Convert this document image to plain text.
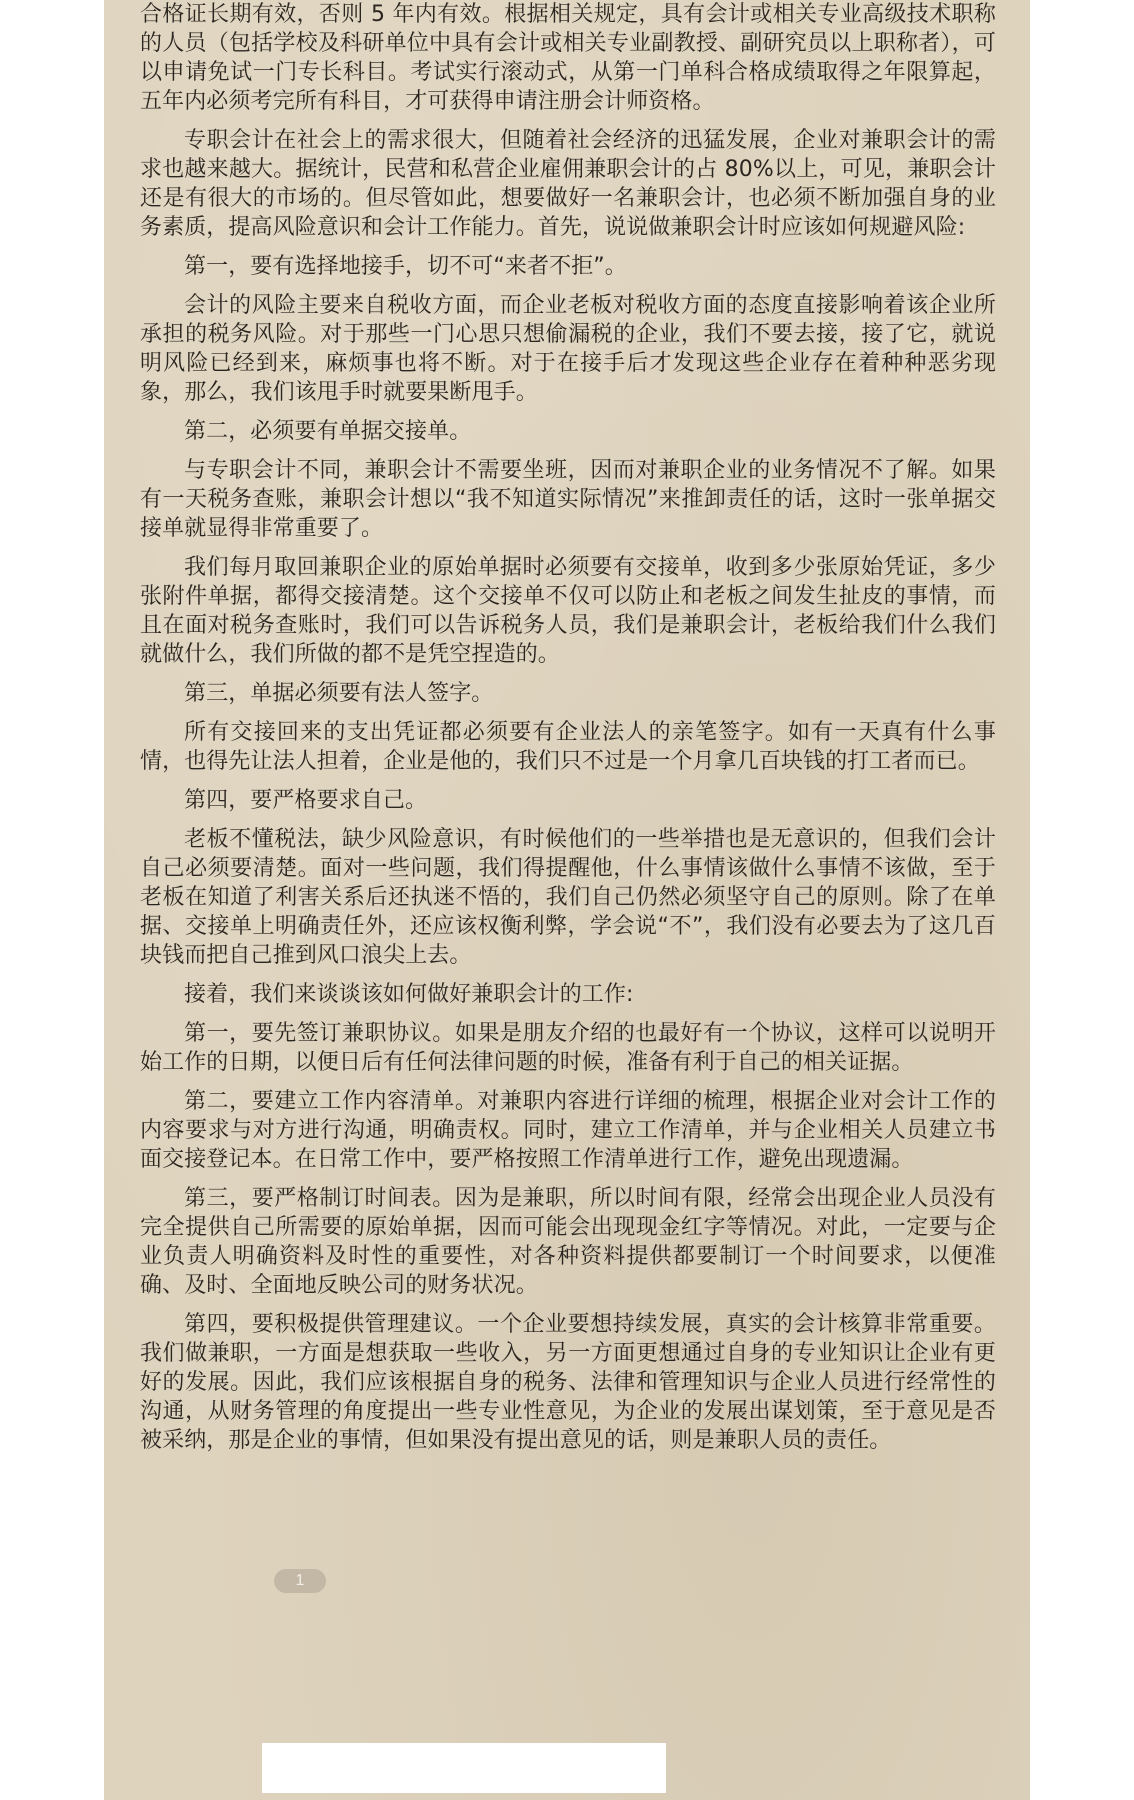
合格证长期有效，否则 5 年内有效。根据相关规定，具有会计或相关专业高级技术职称的人员（包括学校及科研单位中具有会计或相关专业副教授、副研究员以上职称者），可以申请免试一门专长科目。考试实行滚动式，从第一门单科合格成绩取得之年限算起，五年内必须考完所有科目，才可获得申请注册会计师资格。

专职会计在社会上的需求很大，但随着社会经济的迅猛发展，企业对兼职会计的需求也越来越大。据统计，民营和私营企业雇佣兼职会计的占 80%以上，可见，兼职会计还是有很大的市场的。但尽管如此，想要做好一名兼职会计，也必须不断加强自身的业务素质，提高风险意识和会计工作能力。首先，说说做兼职会计时应该如何规避风险:

第一，要有选择地接手，切不可“来者不拒”。

会计的风险主要来自税收方面，而企业老板对税收方面的态度直接影响着该企业所承担的税务风险。对于那些一门心思只想偷漏税的企业，我们不要去接，接了它，就说明风险已经到来，麻烦事也将不断。对于在接手后才发现这些企业存在着种种恶劣现象，那么，我们该甩手时就要果断甩手。

第二，必须要有单据交接单。

与专职会计不同，兼职会计不需要坐班，因而对兼职企业的业务情况不了解。如果有一天税务查账，兼职会计想以“我不知道实际情况”来推卸责任的话，这时一张单据交接单就显得非常重要了。

我们每月取回兼职企业的原始单据时必须要有交接单，收到多少张原始凭证，多少张附件单据，都得交接清楚。这个交接单不仅可以防止和老板之间发生扯皮的事情，而且在面对税务查账时，我们可以告诉税务人员，我们是兼职会计，老板给我们什么我们就做什么，我们所做的都不是凭空捏造的。

第三，单据必须要有法人签字。

所有交接回来的支出凭证都必须要有企业法人的亲笔签字。如有一天真有什么事情，也得先让法人担着，企业是他的，我们只不过是一个月拿几百块钱的打工者而已。

第四，要严格要求自己。

老板不懂税法，缺少风险意识，有时候他们的一些举措也是无意识的，但我们会计自己必须要清楚。面对一些问题，我们得提醒他，什么事情该做什么事情不该做，至于老板在知道了利害关系后还执迷不悟的，我们自己仍然必须坚守自己的原则。除了在单据、交接单上明确责任外，还应该权衡利弊，学会说“不”，我们没有必要去为了这几百块钱而把自己推到风口浪尖上去。

接着，我们来谈谈该如何做好兼职会计的工作:

第一，要先签订兼职协议。如果是朋友介绍的也最好有一个协议，这样可以说明开始工作的日期，以便日后有任何法律问题的时候，准备有利于自己的相关证据。

第二，要建立工作内容清单。对兼职内容进行详细的梳理，根据企业对会计工作的内容要求与对方进行沟通，明确责权。同时，建立工作清单，并与企业相关人员建立书面交接登记本。在日常工作中，要严格按照工作清单进行工作，避免出现遗漏。

第三，要严格制订时间表。因为是兼职，所以时间有限，经常会出现企业人员没有完全提供自己所需要的原始单据，因而可能会出现现金红字等情况。对此，一定要与企业负责人明确资料及时性的重要性，对各种资料提供都要制订一个时间要求，以便准确、及时、全面地反映公司的财务状况。

第四，要积极提供管理建议。一个企业要想持续发展，真实的会计核算非常重要。我们做兼职，一方面是想获取一些收入，另一方面更想通过自身的专业知识让企业有更好的发展。因此，我们应该根据自身的税务、法律和管理知识与企业人员进行经常性的沟通，从财务管理的角度提出一些专业性意见，为企业的发展出谋划策，至于意见是否被采纳，那是企业的事情，但如果没有提出意见的话，则是兼职人员的责任。

1
